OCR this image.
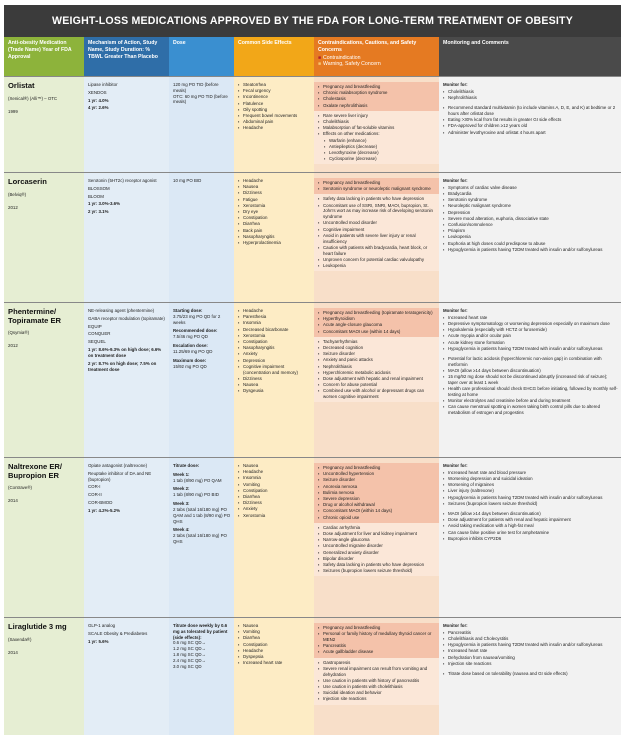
WEIGHT-LOSS MEDICATIONS APPROVED BY THE FDA FOR LONG-TERM TREATMENT OF OBESITY
Anti-obesity Medication (Trade Name) Year of FDA Approval
Mechanism of Action, Study Name, Study Duration: % TBWL Greater Than Placebo
Dose	Common Side Effects	Contraindications, Cautions, and Safety Concerns
■ Contraindication
■ Warning, Safety Concern
Monitoring and Comments
Orlistat
(Xenical®) (Alli™) – OTC
1999
Lipase inhibitor
XENDOS
1 yr: 4.0%
4 yr: 2.6%
120 mg PO TID (before meals)
OTC: 60 mg PO TID (before meals)
▪ Steatorrhea
▪ Fecal urgency
▪ Incontinence
▪ Flatulence
▪ Oily spotting
▪ Frequent bowel movements
▪ Abdominal pain
▪ Headache
▪ Pregnancy and breastfeeding
▪ Chronic malabsorption syndrome
▪ Cholestasis
▪ Oxalate nephrolithiasis
▪ Rare severe liver injury
▪ Cholelithiasis
▪ Malabsorption of fat-soluble vitamins
▪ Effects on other medications:
▪ Warfarin (enhance)
▪ Antiepileptics (decrease)
▪ Levothyroxine (decrease)
▪ Cyclosporine (decrease)
Monitor for:
▪ Cholelithiasis
▪ Nephrolithiasis
▪ Recommend standard multivitamin (to include vitamins A, D, E, and K) at bedtime or 2 hours after orlistat dose
▪ Eating >30% kcal from fat results in greater GI side effects
▪ FDA-approved for children ≥12 years old
▪ Administer levothyroxine and orlistat 4 hours apart
Lorcaserin
(Belviq®)
2012
Serotonin (5HT2c) receptor agonist
BLOSSOM
BLOOM
1 yr: 3.0%-3.6%
2 yr: 3.1%
10 mg PO BID
▪	Headache
▪ Nausea
▪ Dizziness
▪ Fatigue
▪ Xerostomia
▪ Dry eye
▪ Constipation
▪ Diarrhea
▪ Back pain
▪ Nasopharyngitis
▪ Hyperprolactinemia
▪ Pregnancy and breastfeeding
▪ Serotonin syndrome or neuroleptic malignant syndrome
▪ Safety data lacking in patients who have depression
▪ Concomitant use of SSRI, SNRI, MAOI, bupropion, St. John's wort as may increase risk of developing serotonin syndrome
▪ Uncontrolled mood disorder
▪ Cognitive impairment
▪ Avoid in patients with severe liver injury or renal insufficiency
▪ Caution with patients with bradycardia, heart block, or heart failure
▪ Unproven concern for potential cardiac valvulopathy
▪ Leukopenia
Monitor for:
▪ Symptoms of cardiac valve disease
▪ Bradycardia
▪ Serotonin syndrome
▪ Neuroleptic malignant syndrome
▪ Depression
▪ Severe mood alteration, euphoria, dissociative state
▪ Confusion/somnolence
▪ Priapism
▪ Leukopenia
▪ Euphoria at high doses could predispose to abuse
▪ Hypoglycemia in patients having T2DM treated with insulin and/or sulfonylureas
Phentermine/ Topiramate ER
(Qsymia®)
2012
NE-releasing agent (phentermine)
GABA receptor modulation (topiramate)
EQUIP
CONQUER
SEQUEL
1 yr: 8.6%-9.3% on high dose; 6.6% on treatment dose
2 yr: 8.7% on high dose; 7.5% on treatment dose
Starting dose:
3.75/23 mg PO QD for 2 weeks
Recommended dose:
7.5/46 mg PO QD
Escalation dose:
11.25/69 mg PO QD
Maximum dose:
15/92 mg PO QD
▪ Headache
▪ Paresthesia
▪ Insomnia
▪ Decreased bicarbonate
▪ Xerostomia
▪ Constipation
▪ Nasopharyngitis
▪ Anxiety
▪ Depression
▪ Cognitive impairment (concentration and memory)
▪ Dizziness
▪ Nausea
▪ Dysgeusia
▪ Pregnancy and breastfeeding (topiramate teratogenicity)
▪ Hyperthyroidism
▪ Acute angle-closure glaucoma
▪ Concomitant MAOI use (within 14 days)
▪ Tachyarrhythmias
▪ Decreased cognition
▪ Seizure disorder
▪ Anxiety and panic attacks
▪ Nephrolithiasis
▪ Hyperchloremic metabolic acidosis
▪ Dose adjustment with hepatic and renal impairment
▪ Concern for abuse potential
▪ Combined use with alcohol or depressant drugs can worsen cognitive impairment
Monitor for:
▪ Increased heart rate
▪ Depressive symptomatology or worsening depression especially on maximum dose
▪ Hypokalemia (especially with HCTZ or furosemide)
▪ Acute myopia and/or ocular pain
▪ Acute kidney stone formation
▪ Hypoglycemia in patients having T2DM treated with insulin and/or sulfonylureas
▪ Potential for lactic acidosis (hyperchloremic non-anion gap) in combination with metformin
▪ MAOI (allow ≥14 days between discontinuation)
▪ 15 mg/92 mg dose should not be discontinued abruptly (increased risk of seizure); taper over at least 1 week
▪ Health care professional should check EHCG before initiating, followed by monthly self-testing at home
▪ Monitor electrolytes and creatinine before and during treatment
▪ Can cause menstrual spotting in women taking birth control pills due to altered metabolism of estrogen and progestins
Naltrexone ER/ Bupropion ER
(Contrave®)
2014
Opiate antagonist (naltrexone)
Reuptake inhibitor of DA and NE (bupropion)
COR-I
COR-II
COR-BMOD
1 yr: 4.2%-5.2%
Titrate dose:
Week 1:
1 tab (8/90 mg) PO QAM
Week 2:
1 tab (8/90 mg) PO BID
Week 3:
2 tabs (total 16/180 mg) PO QAM and 1 tab (8/90 mg) PO QHS
Week 4:
2 tabs (total 16/180 mg) PO QHS
▪ Nausea
▪ Headache
▪ Insomnia
▪ Vomiting
▪ Constipation
▪ Diarrhea
▪ Dizziness
▪ Anxiety
▪ Xerostomia
▪ Pregnancy and breastfeeding
▪ Uncontrolled hypertension
▪ Seizure disorder
▪ Anorexia nervosa
▪ Bulimia nervosa
▪ Severe depression
▪ Drug or alcohol withdrawal
▪ Concomitant MAOI (within 14 days)
▪ Chronic opioid use
▪ Cardiac arrhythmia
▪ Dose adjustment for liver and kidney impairment
▪ Narrow-angle glaucoma
▪ Uncontrolled migraine disorder
▪ Generalized anxiety disorder
▪ Bipolar disorder
▪ Safety data lacking in patients who have depression
▪ Seizures (bupropion lowers seizure threshold)
Monitor for:
▪ Increased heart rate and blood pressure
▪ Worsening depression and suicidal ideation
▪ Worsening of migraines
▪ Liver injury (naltrexone)
▪ Hypoglycemia in patients having T2DM treated with insulin and/or sulfonylureas
▪ Seizures (bupropion lowers seizure threshold)
▪ MAOI (allow ≥14 days between discontinuation)
▪ Dose adjustment for patients with renal and hepatic impairment
▪ Avoid taking medication with a high-fat meal
▪ Can cause false positive urine test for amphetamine
▪ Bupropion inhibits CYP2D6
Liraglutide 3 mg
(Saxenda®)
2014
GLP-1 analog
SCALE Obesity & Prediabetes
1 yr: 5.6%
Titrate dose weekly by 0.6 mg as tolerated by patient (side effects):
0.6 mg SC QD→
1.2 mg SC QD→
1.8 mg SC QD→
2.4 mg SC QD→
3.0 mg SC QD
▪ Nausea
▪ Vomiting
▪ Diarrhea
▪ Constipation
▪ Headache
▪ Dyspepsia
▪ Increased heart rate
▪ Pregnancy and breastfeeding
▪ Personal or family history of medullary thyroid cancer or MEN2
▪ Pancreatitis
▪ Acute gallbladder disease
▪ Gastroparesis
▪ Severe renal impairment can result from vomiting and dehydration
▪ Use caution in patients with history of pancreatitis
▪ Use caution in patients with cholelithiasis
▪ Suicidal ideation and behavior
▪ Injection site reactions
Monitor for:
▪ Pancreatitis
▪ Cholelithiasis and Cholecystitis
▪ Hypoglycemia in patients having T2DM treated with insulin and/or sulfonylureas
▪ Increased heart rate
▪ Dehydration from nausea/vomiting
▪ Injection site reactions
▪ Titrate dose based on tolerability (nausea and GI side effects)
